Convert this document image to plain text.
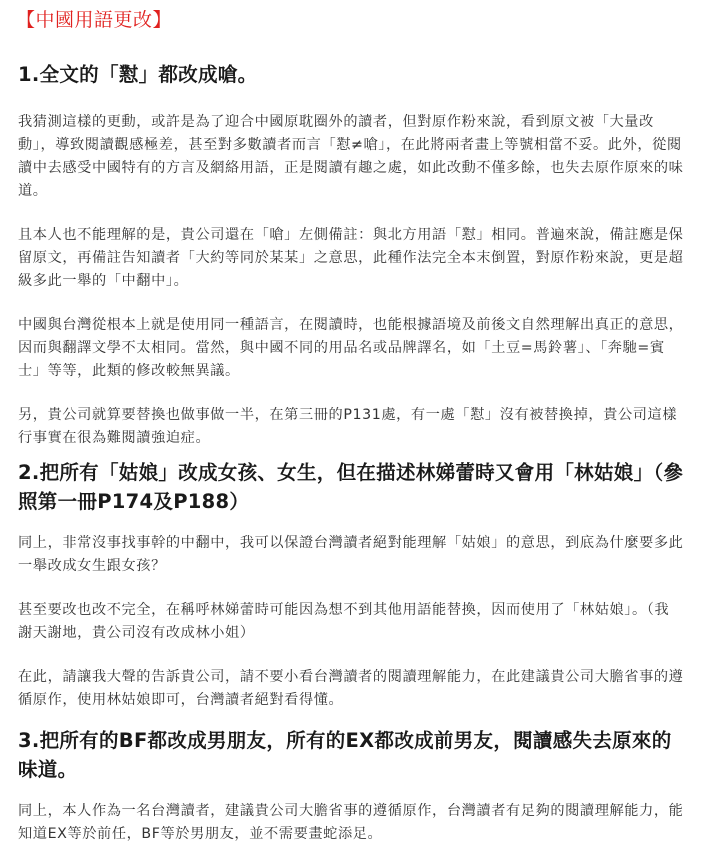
【中國用語更改】
1.全文的「懟」都改成嗆。

我猜測這樣的更動，或許是為了迎合中國原耽圈外的讀者，但對原作粉來說，看到原文被「大量改動」，導致閱讀觀感極差，甚至對多數讀者而言「懟≠嗆」，在此將兩者畫上等號相當不妥。此外，從閱讀中去感受中國特有的方言及網絡用語，正是閱讀有趣之處，如此改動不僅多餘，也失去原作原來的味道。

且本人也不能理解的是，貴公司還在「嗆」左側備註：與北方用語「懟」相同。普遍來說，備註應是保留原文，再備註告知讀者「大約等同於某某」之意思，此種作法完全本末倒置，對原作粉來說，更是超級多此一舉的「中翻中」。

中國與台灣從根本上就是使用同一種語言，在閱讀時，也能根據語境及前後文自然理解出真正的意思，因而與翻譯文學不太相同。當然，與中國不同的用品名或品牌譯名，如「土豆=馬鈴薯」、「奔馳=賓士」等等，此類的修改較無異議。

另，貴公司就算要替換也做事做一半，在第三冊的P131處，有一處「懟」沒有被替換掉，貴公司這樣行事實在很為難閱讀強迫症。

2.把所有「姑娘」改成女孩、女生，但在描述林娣蕾時又會用「林姑娘」（參照第一冊P174及P188）

同上，非常沒事找事幹的中翻中，我可以保證台灣讀者絕對能理解「姑娘」的意思，到底為什麼要多此一舉改成女生跟女孩？

甚至要改也改不完全，在稱呼林娣蕾時可能因為想不到其他用語能替換，因而使用了「林姑娘」。（我謝天謝地，貴公司沒有改成林小姐）

在此，請讓我大聲的告訴貴公司，請不要小看台灣讀者的閱讀理解能力，在此建議貴公司大膽省事的遵循原作，使用林姑娘即可，台灣讀者絕對看得懂。

3.把所有的BF都改成男朋友，所有的EX都改成前男友，閱讀感失去原來的味道。

同上，本人作為一名台灣讀者，建議貴公司大膽省事的遵循原作，台灣讀者有足夠的閱讀理解能力，能知道EX等於前任，BF等於男朋友，並不需要畫蛇添足。
